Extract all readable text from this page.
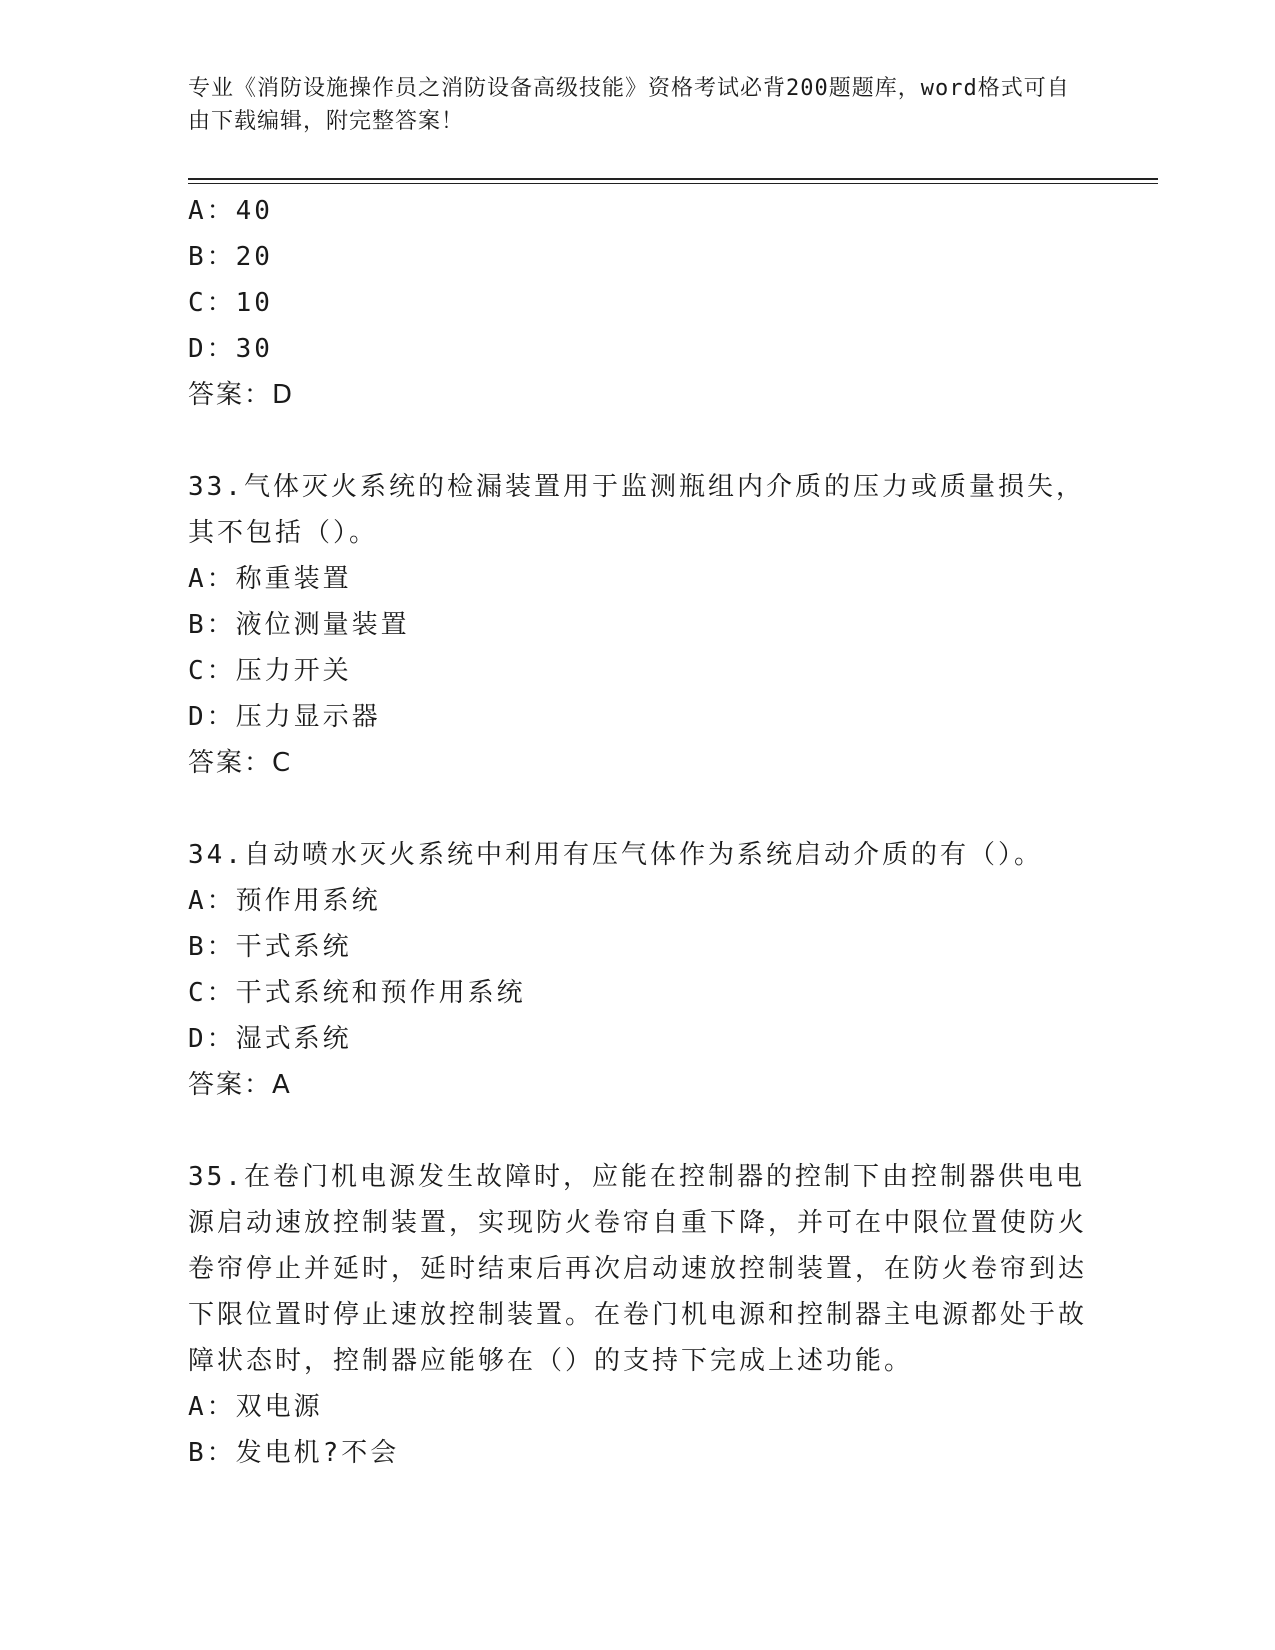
专业《消防设施操作员之消防设备高级技能》资格考试必背200题题库，word格式可自由下载编辑，附完整答案！
A：40
B：20
C：10
D：30
答案：D
33.气体灭火系统的检漏装置用于监测瓶组内介质的压力或质量损失，其不包括（）。
A：称重装置
B：液位测量装置
C：压力开关
D：压力显示器
答案：C
34.自动喷水灭火系统中利用有压气体作为系统启动介质的有（）。
A：预作用系统
B：干式系统
C：干式系统和预作用系统
D：湿式系统
答案：A
35.在卷门机电源发生故障时，应能在控制器的控制下由控制器供电电源启动速放控制装置，实现防火卷帘自重下降，并可在中限位置使防火卷帘停止并延时，延时结束后再次启动速放控制装置，在防火卷帘到达下限位置时停止速放控制装置。在卷门机电源和控制器主电源都处于故障状态时，控制器应能够在（）的支持下完成上述功能。
A：双电源
B：发电机?不会
